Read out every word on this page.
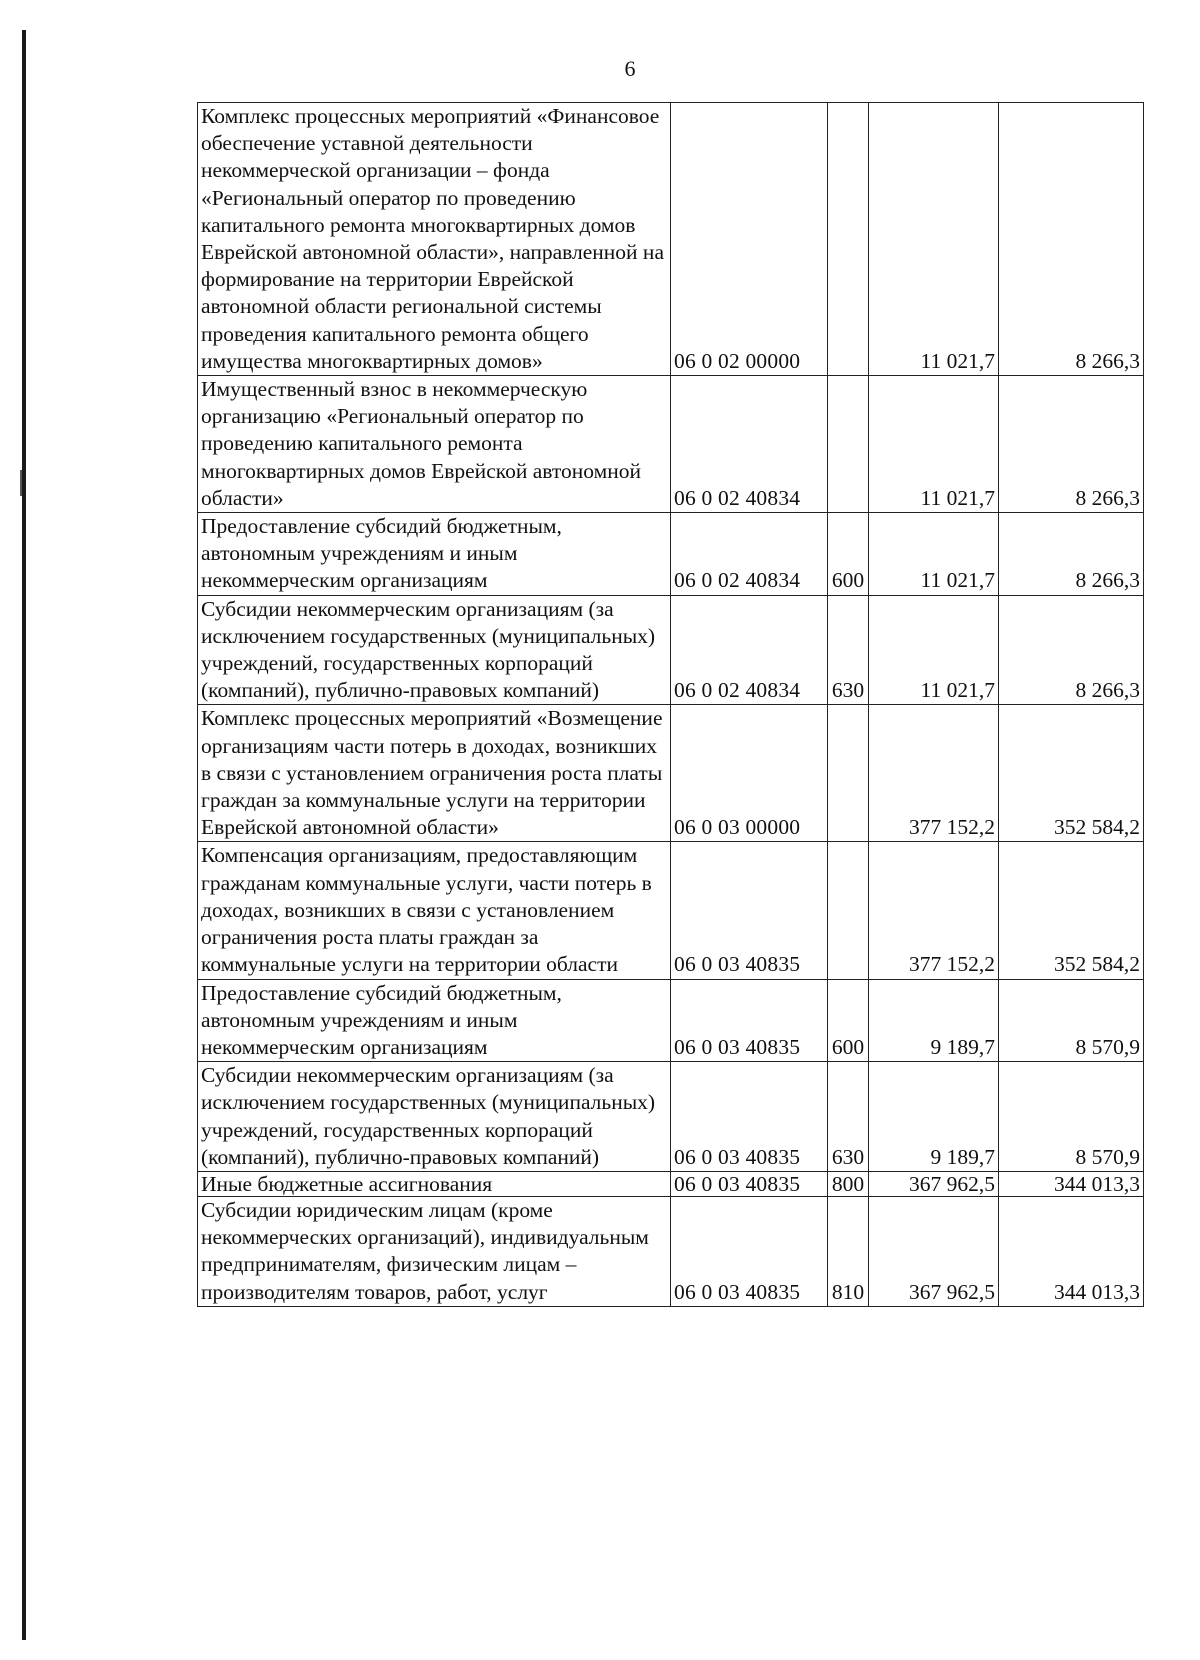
6
Комплекс процессных мероприятий «Финансовое обеспечение уставной деятельности некоммерческой организации – фонда «Региональный оператор по проведению капитального ремонта многоквартирных домов Еврейской автономной области», направленной на формирование на территории Еврейской автономной области региональной системы проведения капитального ремонта общего имущества многоквартирных домов»	06 0 02 00000		11 021,7	8 266,3
Имущественный взнос в некоммерческую организацию «Региональный оператор по проведению капитального ремонта многоквартирных домов Еврейской автономной области»	06 0 02 40834		11 021,7	8 266,3
Предоставление субсидий бюджетным, автономным учреждениям и иным некоммерческим организациям	06 0 02 40834	600	11 021,7	8 266,3
Субсидии некоммерческим организациям (за исключением государственных (муниципальных) учреждений, государственных корпораций (компаний), публично-правовых компаний)	06 0 02 40834	630	11 021,7	8 266,3
Комплекс процессных мероприятий «Возмещение организациям части потерь в доходах, возникших в связи с установлением ограничения роста платы граждан за коммунальные услуги на территории Еврейской автономной области»	06 0 03 00000		377 152,2	352 584,2
Компенсация организациям, предоставляющим гражданам коммунальные услуги, части потерь в доходах, возникших в связи с установлением ограничения роста платы граждан за коммунальные услуги на территории области	06 0 03 40835		377 152,2	352 584,2
Предоставление субсидий бюджетным, автономным учреждениям и иным некоммерческим организациям	06 0 03 40835	600	9 189,7	8 570,9
Субсидии некоммерческим организациям (за исключением государственных (муниципальных) учреждений, государственных корпораций (компаний), публично-правовых компаний)	06 0 03 40835	630	9 189,7	8 570,9
Иные бюджетные ассигнования	06 0 03 40835	800	367 962,5	344 013,3
Субсидии юридическим лицам (кроме некоммерческих организаций), индивидуальным предпринимателям, физическим лицам – производителям товаров, работ, услуг	06 0 03 40835	810	367 962,5	344 013,3
